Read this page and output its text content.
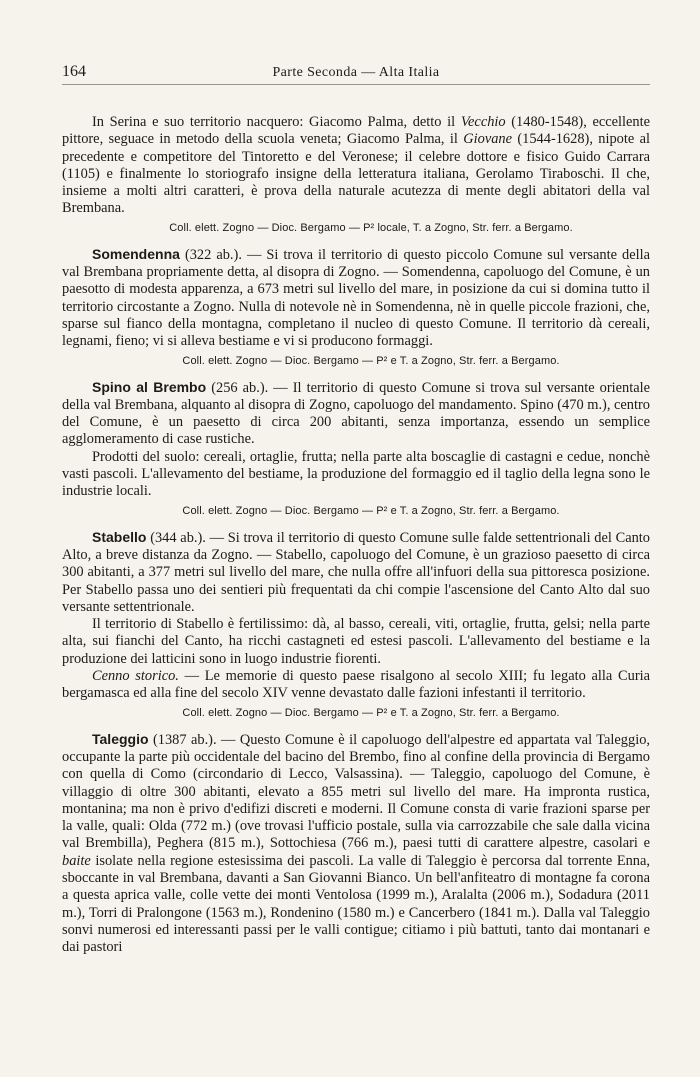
164	Parte Seconda — Alta Italia

In Serina e suo territorio nacquero: Giacomo Palma, detto il Vecchio (1480-1548), eccellente pittore, seguace in metodo della scuola veneta; Giacomo Palma, il Giovane (1544-1628), nipote al precedente e competitore del Tintoretto e del Veronese; il celebre dottore e fisico Guido Carrara (1105) e finalmente lo storiografo insigne della letteratura italiana, Gerolamo Tiraboschi. Il che, insieme a molti altri caratteri, è prova della naturale acutezza di mente degli abitatori della val Brembana.

Coll. elett. Zogno — Dioc. Bergamo — P² locale, T. a Zogno, Str. ferr. a Bergamo.

Somendenna (322 ab.). — Si trova il territorio di questo piccolo Comune sul versante della val Brembana propriamente detta, al disopra di Zogno. — Somendenna, capoluogo del Comune, è un paesotto di modesta apparenza, a 673 metri sul livello del mare, in posizione da cui si domina tutto il territorio circostante a Zogno. Nulla di notevole nè in Somendenna, nè in quelle piccole frazioni, che, sparse sul fianco della montagna, completano il nucleo di questo Comune. Il territorio dà cereali, legnami, fieno; vi si alleva bestiame e vi si producono formaggi.

Coll. elett. Zogno — Dioc. Bergamo — P² e T. a Zogno, Str. ferr. a Bergamo.

Spino al Brembo (256 ab.). — Il territorio di questo Comune si trova sul versante orientale della val Brembana, alquanto al disopra di Zogno, capoluogo del mandamento. Spino (470 m.), centro del Comune, è un paesetto di circa 200 abitanti, senza importanza, essendo un semplice agglomeramento di case rustiche.

Prodotti del suolo: cereali, ortaglie, frutta; nella parte alta boscaglie di castagni e cedue, nonchè vasti pascoli. L'allevamento del bestiame, la produzione del formaggio ed il taglio della legna sono le industrie locali.

Coll. elett. Zogno — Dioc. Bergamo — P² e T. a Zogno, Str. ferr. a Bergamo.

Stabello (344 ab.). — Si trova il territorio di questo Comune sulle falde settentrionali del Canto Alto, a breve distanza da Zogno. — Stabello, capoluogo del Comune, è un grazioso paesetto di circa 300 abitanti, a 377 metri sul livello del mare, che nulla offre all'infuori della sua pittoresca posizione. Per Stabello passa uno dei sentieri più frequentati da chi compie l'ascensione del Canto Alto dal suo versante settentrionale.

Il territorio di Stabello è fertilissimo: dà, al basso, cereali, viti, ortaglie, frutta, gelsi; nella parte alta, sui fianchi del Canto, ha ricchi castagneti ed estesi pascoli. L'allevamento del bestiame e la produzione dei latticini sono in luogo industrie fiorenti.

Cenno storico. — Le memorie di questo paese risalgono al secolo XIII; fu legato alla Curia bergamasca ed alla fine del secolo XIV venne devastato dalle fazioni infestanti il territorio.

Coll. elett. Zogno — Dioc. Bergamo — P² e T. a Zogno, Str. ferr. a Bergamo.

Taleggio (1387 ab.). — Questo Comune è il capoluogo dell'alpestre ed appartata val Taleggio, occupante la parte più occidentale del bacino del Brembo, fino al confine della provincia di Bergamo con quella di Como (circondario di Lecco, Valsassina). — Taleggio, capoluogo del Comune, è villaggio di oltre 300 abitanti, elevato a 855 metri sul livello del mare. Ha impronta rustica, montanina; ma non è privo d'edifizi discreti e moderni. Il Comune consta di varie frazioni sparse per la valle, quali: Olda (772 m.) (ove trovasi l'ufficio postale, sulla via carrozzabile che sale dalla vicina val Brembilla), Peghera (815 m.), Sottochiesa (766 m.), paesi tutti di carattere alpestre, casolari e baite isolate nella regione estesissima dei pascoli. La valle di Taleggio è percorsa dal torrente Enna, sboccante in val Brembana, davanti a San Giovanni Bianco. Un bell'anfiteatro di montagne fa corona a questa aprica valle, colle vette dei monti Ventolosa (1999 m.), Aralalta (2006 m.), Sodadura (2011 m.), Torri di Pralongone (1563 m.), Rondenino (1580 m.) e Cancerbero (1841 m.). Dalla val Taleggio sonvi numerosi ed interessanti passi per le valli contigue; citiamo i più battuti, tanto dai montanari e dai pastori
